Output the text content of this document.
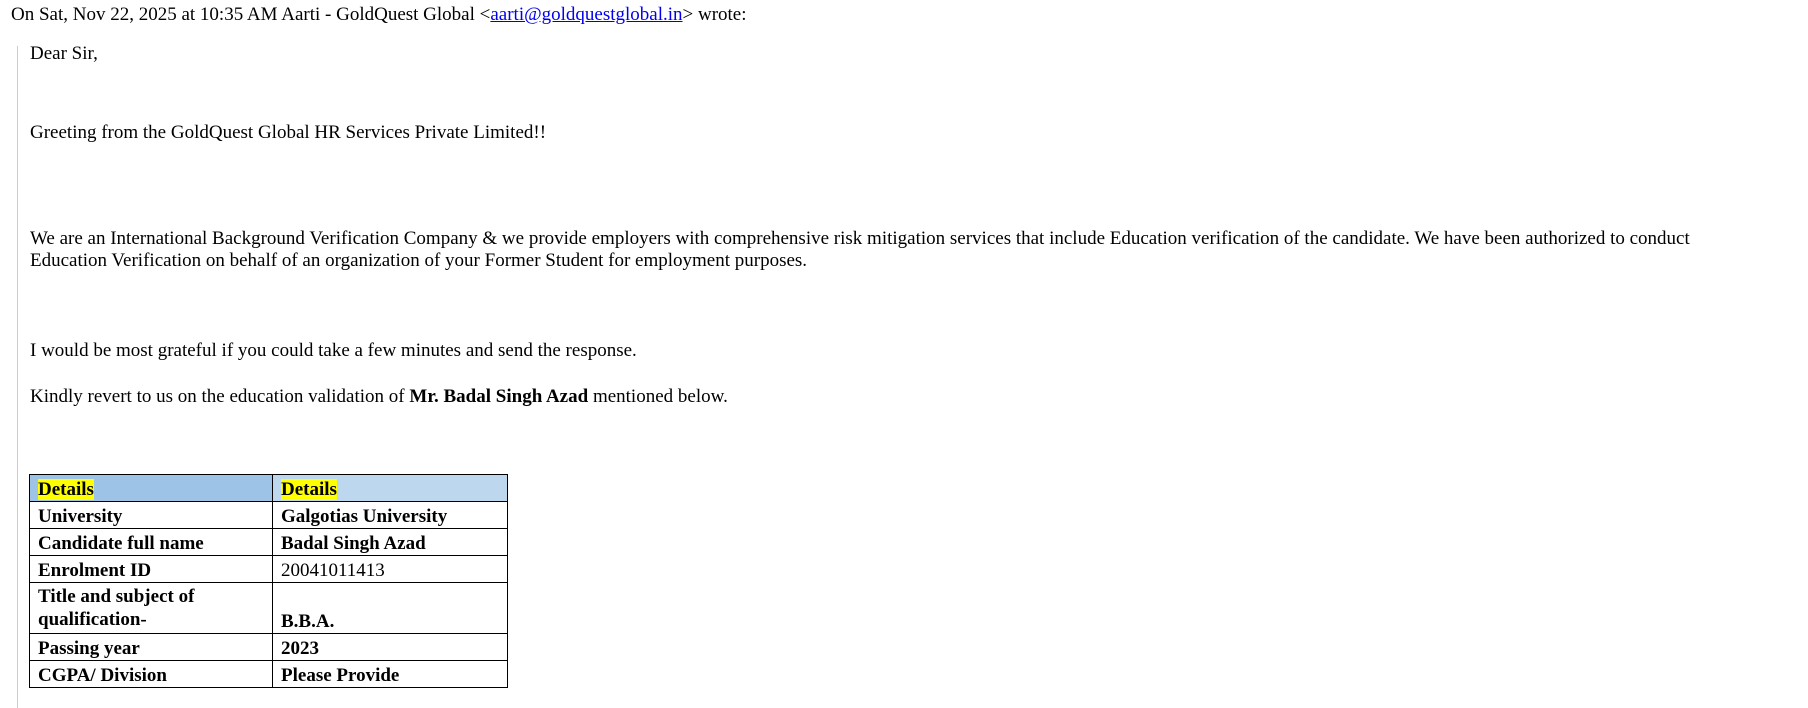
On Sat, Nov 22, 2025 at 10:35 AM Aarti - GoldQuest Global <aarti@goldquestglobal.in> wrote:
Dear Sir,
Greeting from the GoldQuest Global HR Services Private Limited!!
We are an International Background Verification Company & we provide employers with comprehensive risk mitigation services that include Education verification of the candidate. We have been authorized to conduct
Education Verification on behalf of an organization of your Former Student for employment purposes.
I would be most grateful if you could take a few minutes and send the response.
Kindly revert to us on the education validation of Mr. Badal Singh Azad mentioned below.
Details	Details
University	Galgotias University
Candidate full name	Badal Singh Azad
Enrolment ID	20041011413
Title and subject of qualification-	B.B.A.
Passing year	2023
CGPA/ Division	Please Provide
